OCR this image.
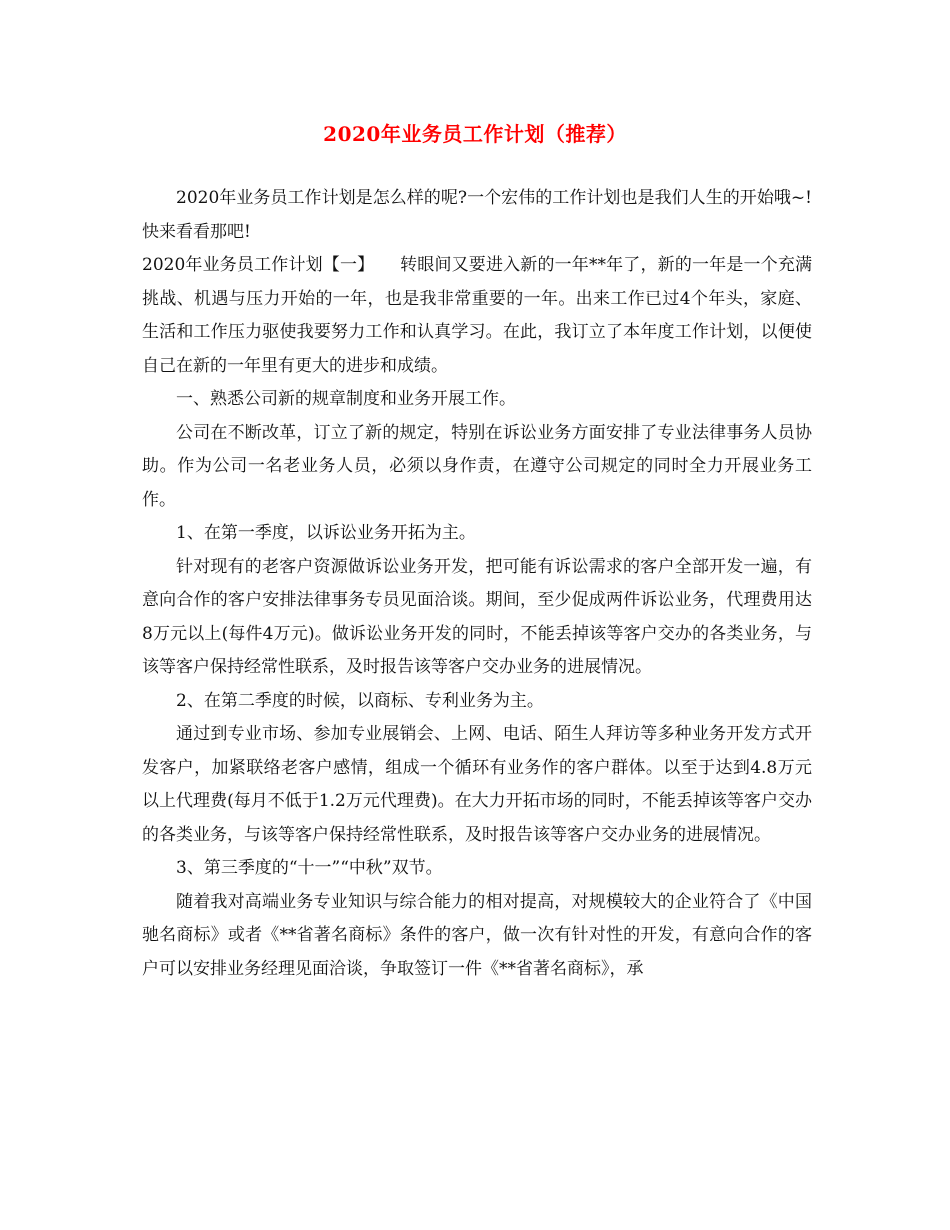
2020年业务员工作计划（推荐）

2020年业务员工作计划是怎么样的呢?一个宏伟的工作计划也是我们人生的开始哦~!快来看看那吧!

2020年业务员工作计划【一】　　转眼间又要进入新的一年**年了，新的一年是一个充满挑战、机遇与压力开始的一年，也是我非常重要的一年。出来工作已过4个年头，家庭、生活和工作压力驱使我要努力工作和认真学习。在此，我订立了本年度工作计划，以便使自己在新的一年里有更大的进步和成绩。

一、熟悉公司新的规章制度和业务开展工作。

公司在不断改革，订立了新的规定，特别在诉讼业务方面安排了专业法律事务人员协助。作为公司一名老业务人员，必须以身作责，在遵守公司规定的同时全力开展业务工作。

1、在第一季度，以诉讼业务开拓为主。

针对现有的老客户资源做诉讼业务开发，把可能有诉讼需求的客户全部开发一遍，有意向合作的客户安排法律事务专员见面洽谈。期间，至少促成两件诉讼业务，代理费用达8万元以上(每件4万元)。做诉讼业务开发的同时，不能丢掉该等客户交办的各类业务，与该等客户保持经常性联系，及时报告该等客户交办业务的进展情况。

2、在第二季度的时候，以商标、专利业务为主。

通过到专业市场、参加专业展销会、上网、电话、陌生人拜访等多种业务开发方式开发客户，加紧联络老客户感情，组成一个循环有业务作的客户群体。以至于达到4.8万元以上代理费(每月不低于1.2万元代理费)。在大力开拓市场的同时，不能丢掉该等客户交办的各类业务，与该等客户保持经常性联系，及时报告该等客户交办业务的进展情况。

3、第三季度的“十一”“中秋”双节。

随着我对高端业务专业知识与综合能力的相对提高，对规模较大的企业符合了《中国驰名商标》或者《**省著名商标》条件的客户，做一次有针对性的开发，有意向合作的客户可以安排业务经理见面洽谈，争取签订一件《**省著名商标》，承
